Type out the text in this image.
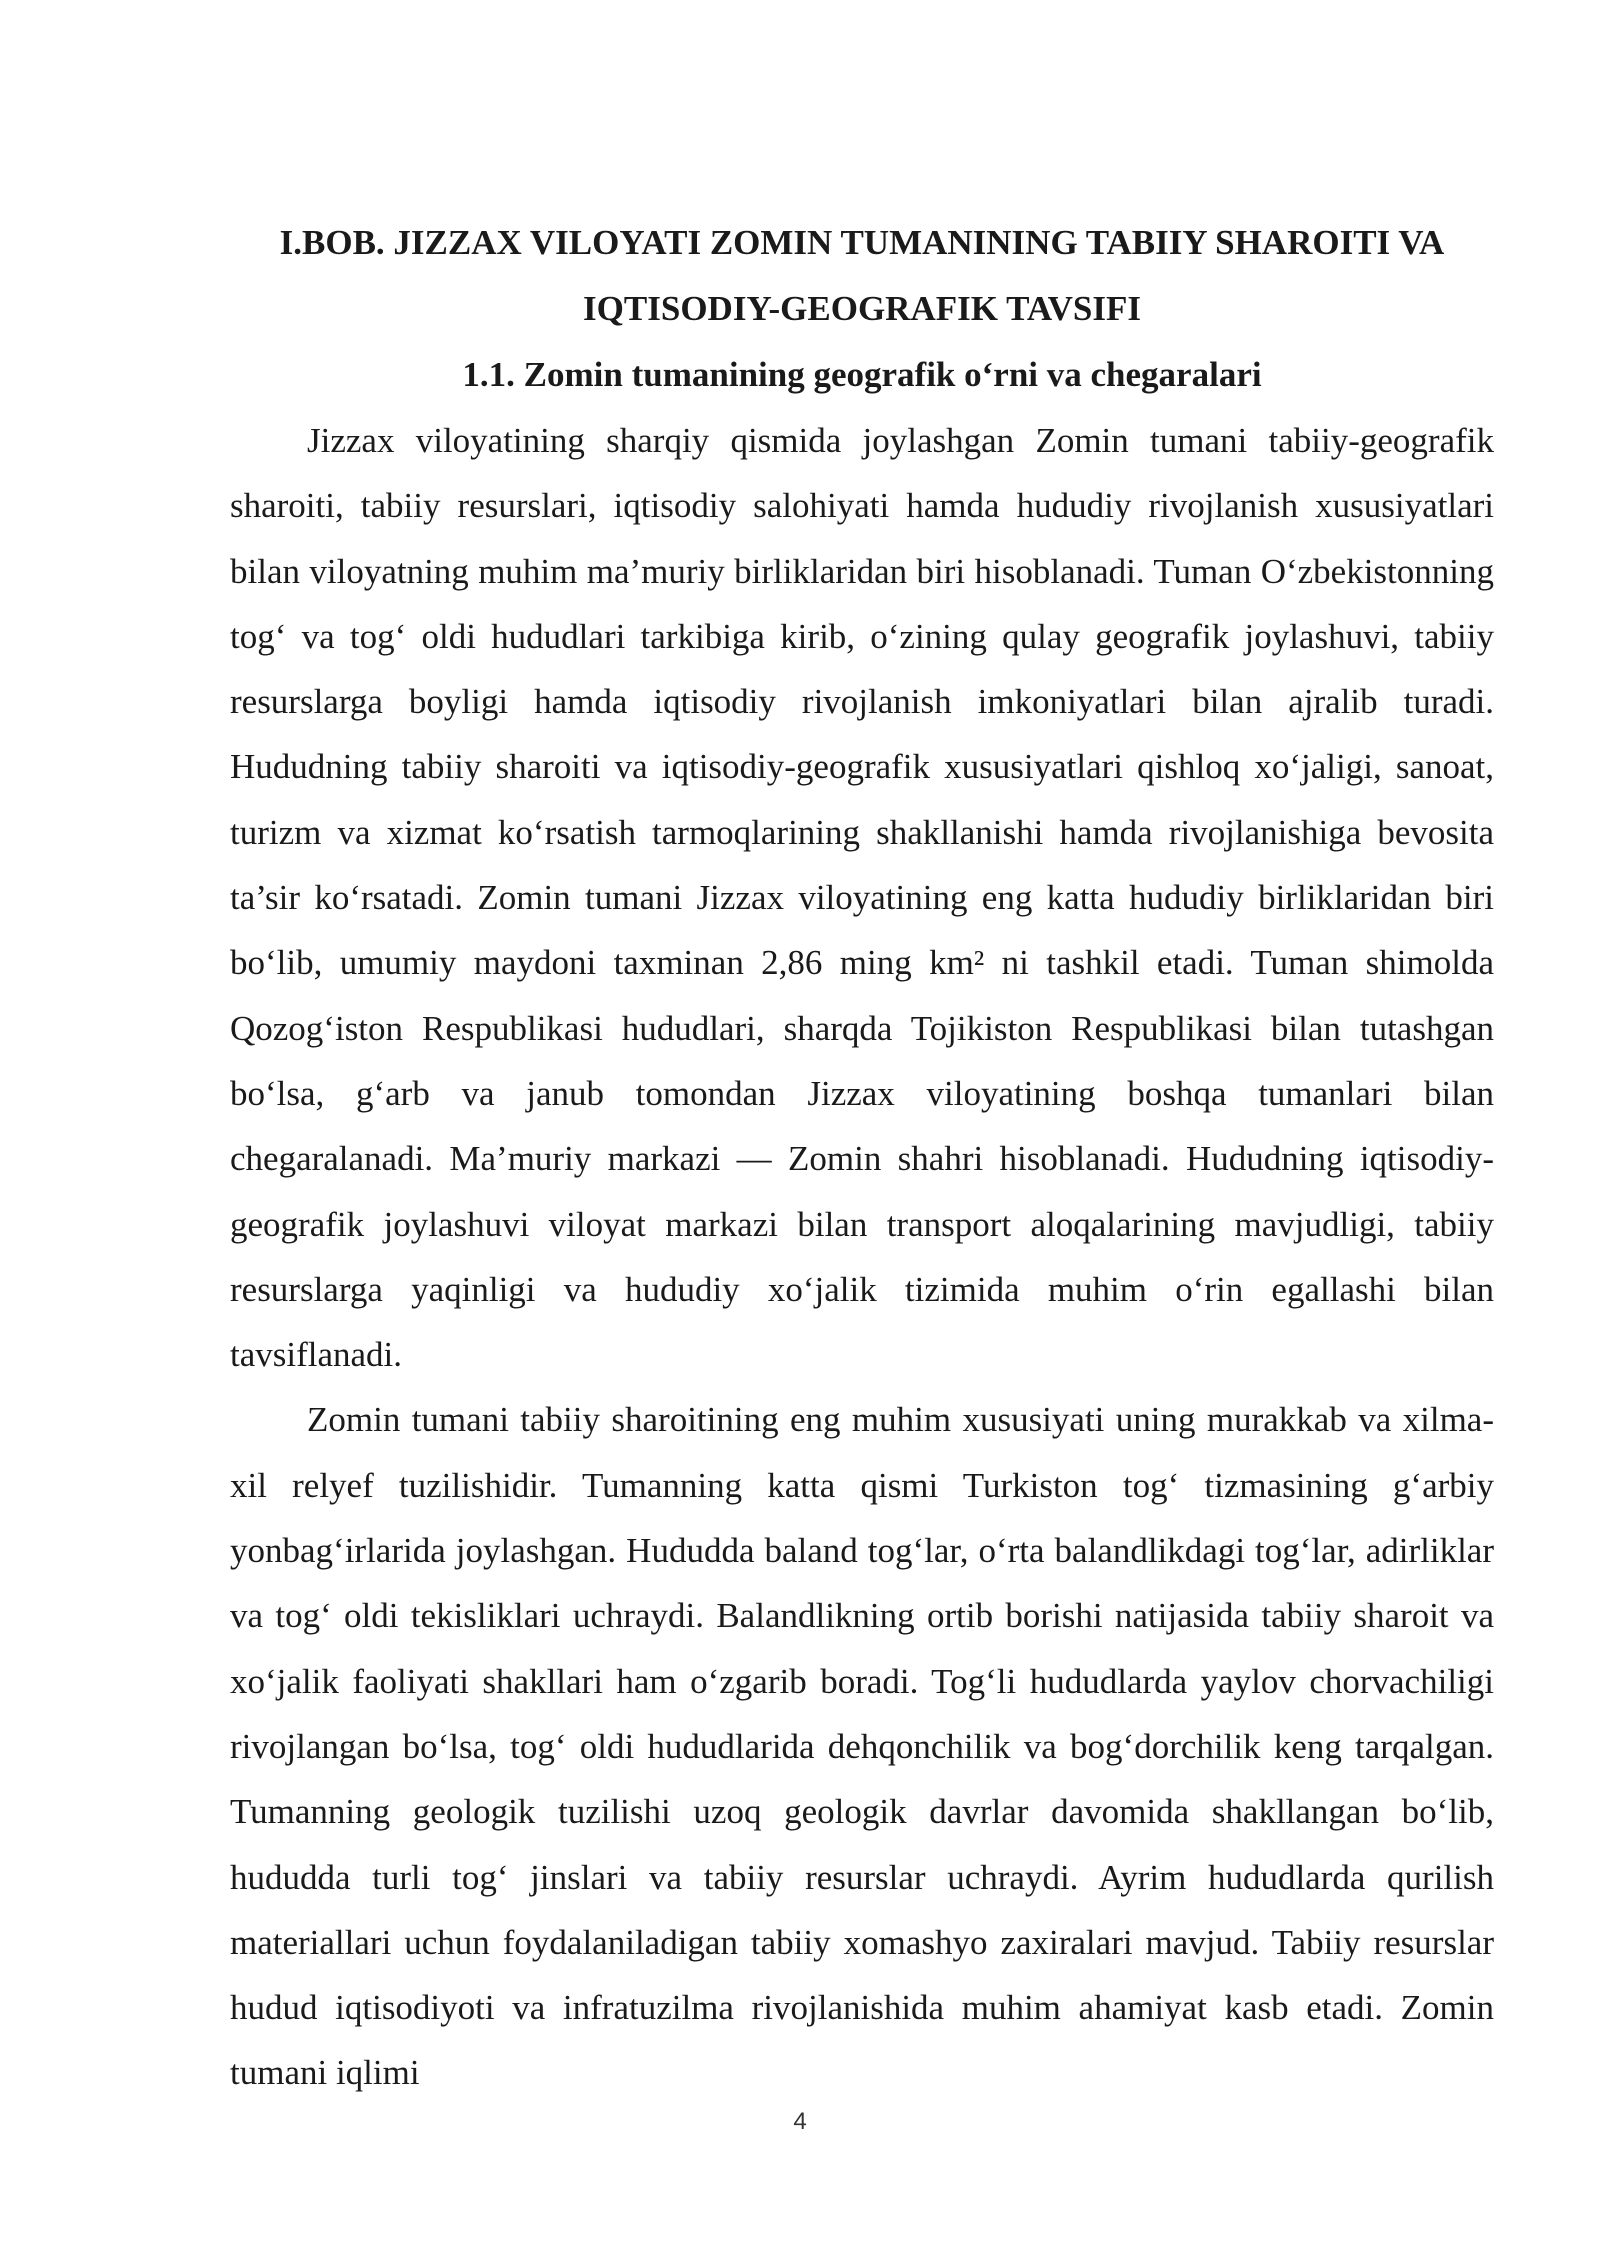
I.BOB. JIZZAX VILOYATI ZOMIN TUMANINING TABIIY SHAROITI VA IQTISODIY-GEOGRAFIK TAVSIFI
1.1. Zomin tumanining geografik o‘rni va chegaralari

Jizzax viloyatining sharqiy qismida joylashgan Zomin tumani tabiiy-geografik sharoiti, tabiiy resurslari, iqtisodiy salohiyati hamda hududiy rivojlanish xususiyatlari bilan viloyatning muhim ma’muriy birliklaridan biri hisoblanadi. Tuman O‘zbekistonning tog‘ va tog‘ oldi hududlari tarkibiga kirib, o‘zining qulay geografik joylashuvi, tabiiy resurslarga boyligi hamda iqtisodiy rivojlanish imkoniyatlari bilan ajralib turadi. Hududning tabiiy sharoiti va iqtisodiy-geografik xususiyatlari qishloq xo‘jaligi, sanoat, turizm va xizmat ko‘rsatish tarmoqlarining shakllanishi hamda rivojlanishiga bevosita ta’sir ko‘rsatadi. Zomin tumani Jizzax viloyatining eng katta hududiy birliklaridan biri bo‘lib, umumiy maydoni taxminan 2,86 ming km² ni tashkil etadi. Tuman shimolda Qozog‘iston Respublikasi hududlari, sharqda Tojikiston Respublikasi bilan tutashgan bo‘lsa, g‘arb va janub tomondan Jizzax viloyatining boshqa tumanlari bilan chegaralanadi. Ma’muriy markazi — Zomin shahri hisoblanadi. Hududning iqtisodiy-geografik joylashuvi viloyat markazi bilan transport aloqalarining mavjudligi, tabiiy resurslarga yaqinligi va hududiy xo‘jalik tizimida muhim o‘rin egallashi bilan tavsiflanadi.

Zomin tumani tabiiy sharoitining eng muhim xususiyati uning murakkab va xilma-xil relyef tuzilishidir. Tumanning katta qismi Turkiston tog‘ tizmasining g‘arbiy yonbag‘irlarida joylashgan. Hududda baland tog‘lar, o‘rta balandlikdagi tog‘lar, adirliklar va tog‘ oldi tekisliklari uchraydi. Balandlikning ortib borishi natijasida tabiiy sharoit va xo‘jalik faoliyati shakllari ham o‘zgarib boradi. Tog‘li hududlarda yaylov chorvachiligi rivojlangan bo‘lsa, tog‘ oldi hududlarida dehqonchilik va bog‘dorchilik keng tarqalgan. Tumanning geologik tuzilishi uzoq geologik davrlar davomida shakllangan bo‘lib, hududda turli tog‘ jinslari va tabiiy resurslar uchraydi. Ayrim hududlarda qurilish materiallari uchun foydalaniladigan tabiiy xomashyo zaxiralari mavjud. Tabiiy resurslar hudud iqtisodiyoti va infratuzilma rivojlanishida muhim ahamiyat kasb etadi. Zomin tumani iqlimi

4
